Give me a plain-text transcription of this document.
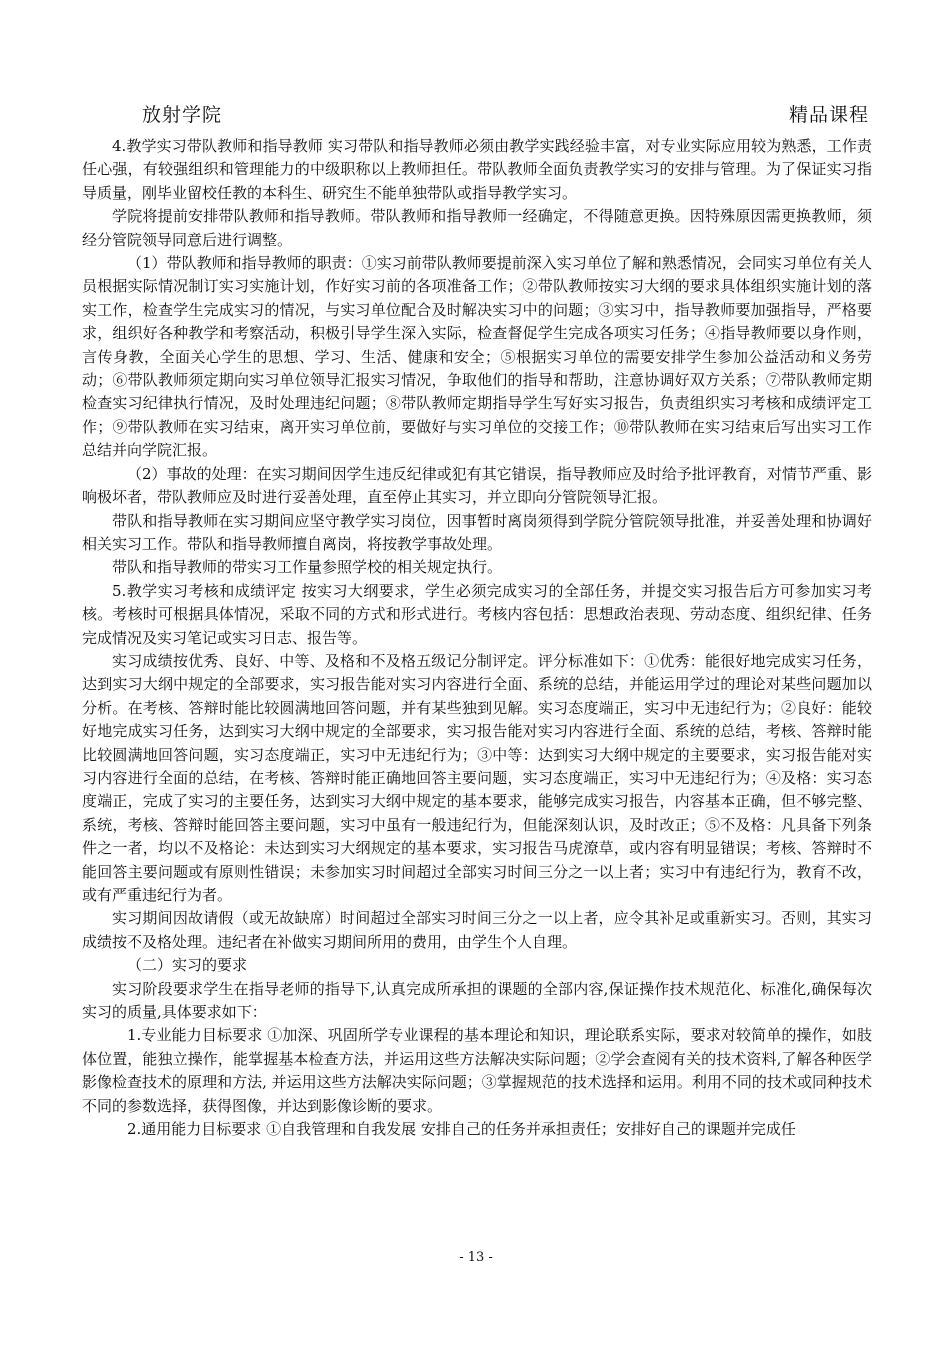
放射学院	精品课程

4.教学实习带队教师和指导教师 实习带队和指导教师必须由教学实践经验丰富，对专业实际应用较为熟悉，工作责任心强，有较强组织和管理能力的中级职称以上教师担任。带队教师全面负责教学实习的安排与管理。为了保证实习指导质量，刚毕业留校任教的本科生、研究生不能单独带队或指导教学实习。

学院将提前安排带队教师和指导教师。带队教师和指导教师一经确定，不得随意更换。因特殊原因需更换教师，须经分管院领导同意后进行调整。

（1）带队教师和指导教师的职责：①实习前带队教师要提前深入实习单位了解和熟悉情况，会同实习单位有关人员根据实际情况制订实习实施计划，作好实习前的各项准备工作；②带队教师按实习大纲的要求具体组织实施计划的落实工作，检查学生完成实习的情况，与实习单位配合及时解决实习中的问题；③实习中，指导教师要加强指导，严格要求，组织好各种教学和考察活动，积极引导学生深入实际，检查督促学生完成各项实习任务；④指导教师要以身作则，言传身教，全面关心学生的思想、学习、生活、健康和安全；⑤根据实习单位的需要安排学生参加公益活动和义务劳动；⑥带队教师须定期向实习单位领导汇报实习情况，争取他们的指导和帮助，注意协调好双方关系；⑦带队教师定期检查实习纪律执行情况，及时处理违纪问题；⑧带队教师定期指导学生写好实习报告，负责组织实习考核和成绩评定工作；⑨带队教师在实习结束，离开实习单位前，要做好与实习单位的交接工作；⑩带队教师在实习结束后写出实习工作总结并向学院汇报。

（2）事故的处理：在实习期间因学生违反纪律或犯有其它错误，指导教师应及时给予批评教育，对情节严重、影响极坏者，带队教师应及时进行妥善处理，直至停止其实习，并立即向分管院领导汇报。

带队和指导教师在实习期间应坚守教学实习岗位，因事暂时离岗须得到学院分管院领导批准，并妥善处理和协调好相关实习工作。带队和指导教师擅自离岗，将按教学事故处理。

带队和指导教师的带实习工作量参照学校的相关规定执行。

5.教学实习考核和成绩评定 按实习大纲要求，学生必须完成实习的全部任务，并提交实习报告后方可参加实习考核。考核时可根据具体情况，采取不同的方式和形式进行。考核内容包括：思想政治表现、劳动态度、组织纪律、任务完成情况及实习笔记或实习日志、报告等。

实习成绩按优秀、良好、中等、及格和不及格五级记分制评定。评分标准如下：①优秀：能很好地完成实习任务，达到实习大纲中规定的全部要求，实习报告能对实习内容进行全面、系统的总结，并能运用学过的理论对某些问题加以分析。在考核、答辩时能比较圆满地回答问题，并有某些独到见解。实习态度端正，实习中无违纪行为；②良好：能较好地完成实习任务，达到实习大纲中规定的全部要求，实习报告能对实习内容进行全面、系统的总结，考核、答辩时能比较圆满地回答问题，实习态度端正，实习中无违纪行为；③中等：达到实习大纲中规定的主要要求，实习报告能对实习内容进行全面的总结，在考核、答辩时能正确地回答主要问题，实习态度端正，实习中无违纪行为；④及格：实习态度端正，完成了实习的主要任务，达到实习大纲中规定的基本要求，能够完成实习报告，内容基本正确，但不够完整、系统，考核、答辩时能回答主要问题，实习中虽有一般违纪行为，但能深刻认识，及时改正；⑤不及格：凡具备下列条件之一者，均以不及格论：未达到实习大纲规定的基本要求，实习报告马虎潦草，或内容有明显错误；考核、答辩时不能回答主要问题或有原则性错误；未参加实习时间超过全部实习时间三分之一以上者；实习中有违纪行为，教育不改，或有严重违纪行为者。

实习期间因故请假（或无故缺席）时间超过全部实习时间三分之一以上者，应令其补足或重新实习。否则，其实习成绩按不及格处理。违纪者在补做实习期间所用的费用，由学生个人自理。

（二）实习的要求

实习阶段要求学生在指导老师的指导下,认真完成所承担的课题的全部内容,保证操作技术规范化、标准化,确保每次实习的质量,具体要求如下：

1.专业能力目标要求 ①加深、巩固所学专业课程的基本理论和知识，理论联系实际，要求对较简单的操作，如肢体位置，能独立操作，能掌握基本检查方法，并运用这些方法解决实际问题；②学会查阅有关的技术资料,了解各种医学影像检查技术的原理和方法, 并运用这些方法解决实际问题；③掌握规范的技术选择和运用。利用不同的技术或同种技术不同的参数选择，获得图像，并达到影像诊断的要求。

2.通用能力目标要求 ①自我管理和自我发展 安排自己的任务并承担责任；安排好自己的课题并完成任

- 13 -
